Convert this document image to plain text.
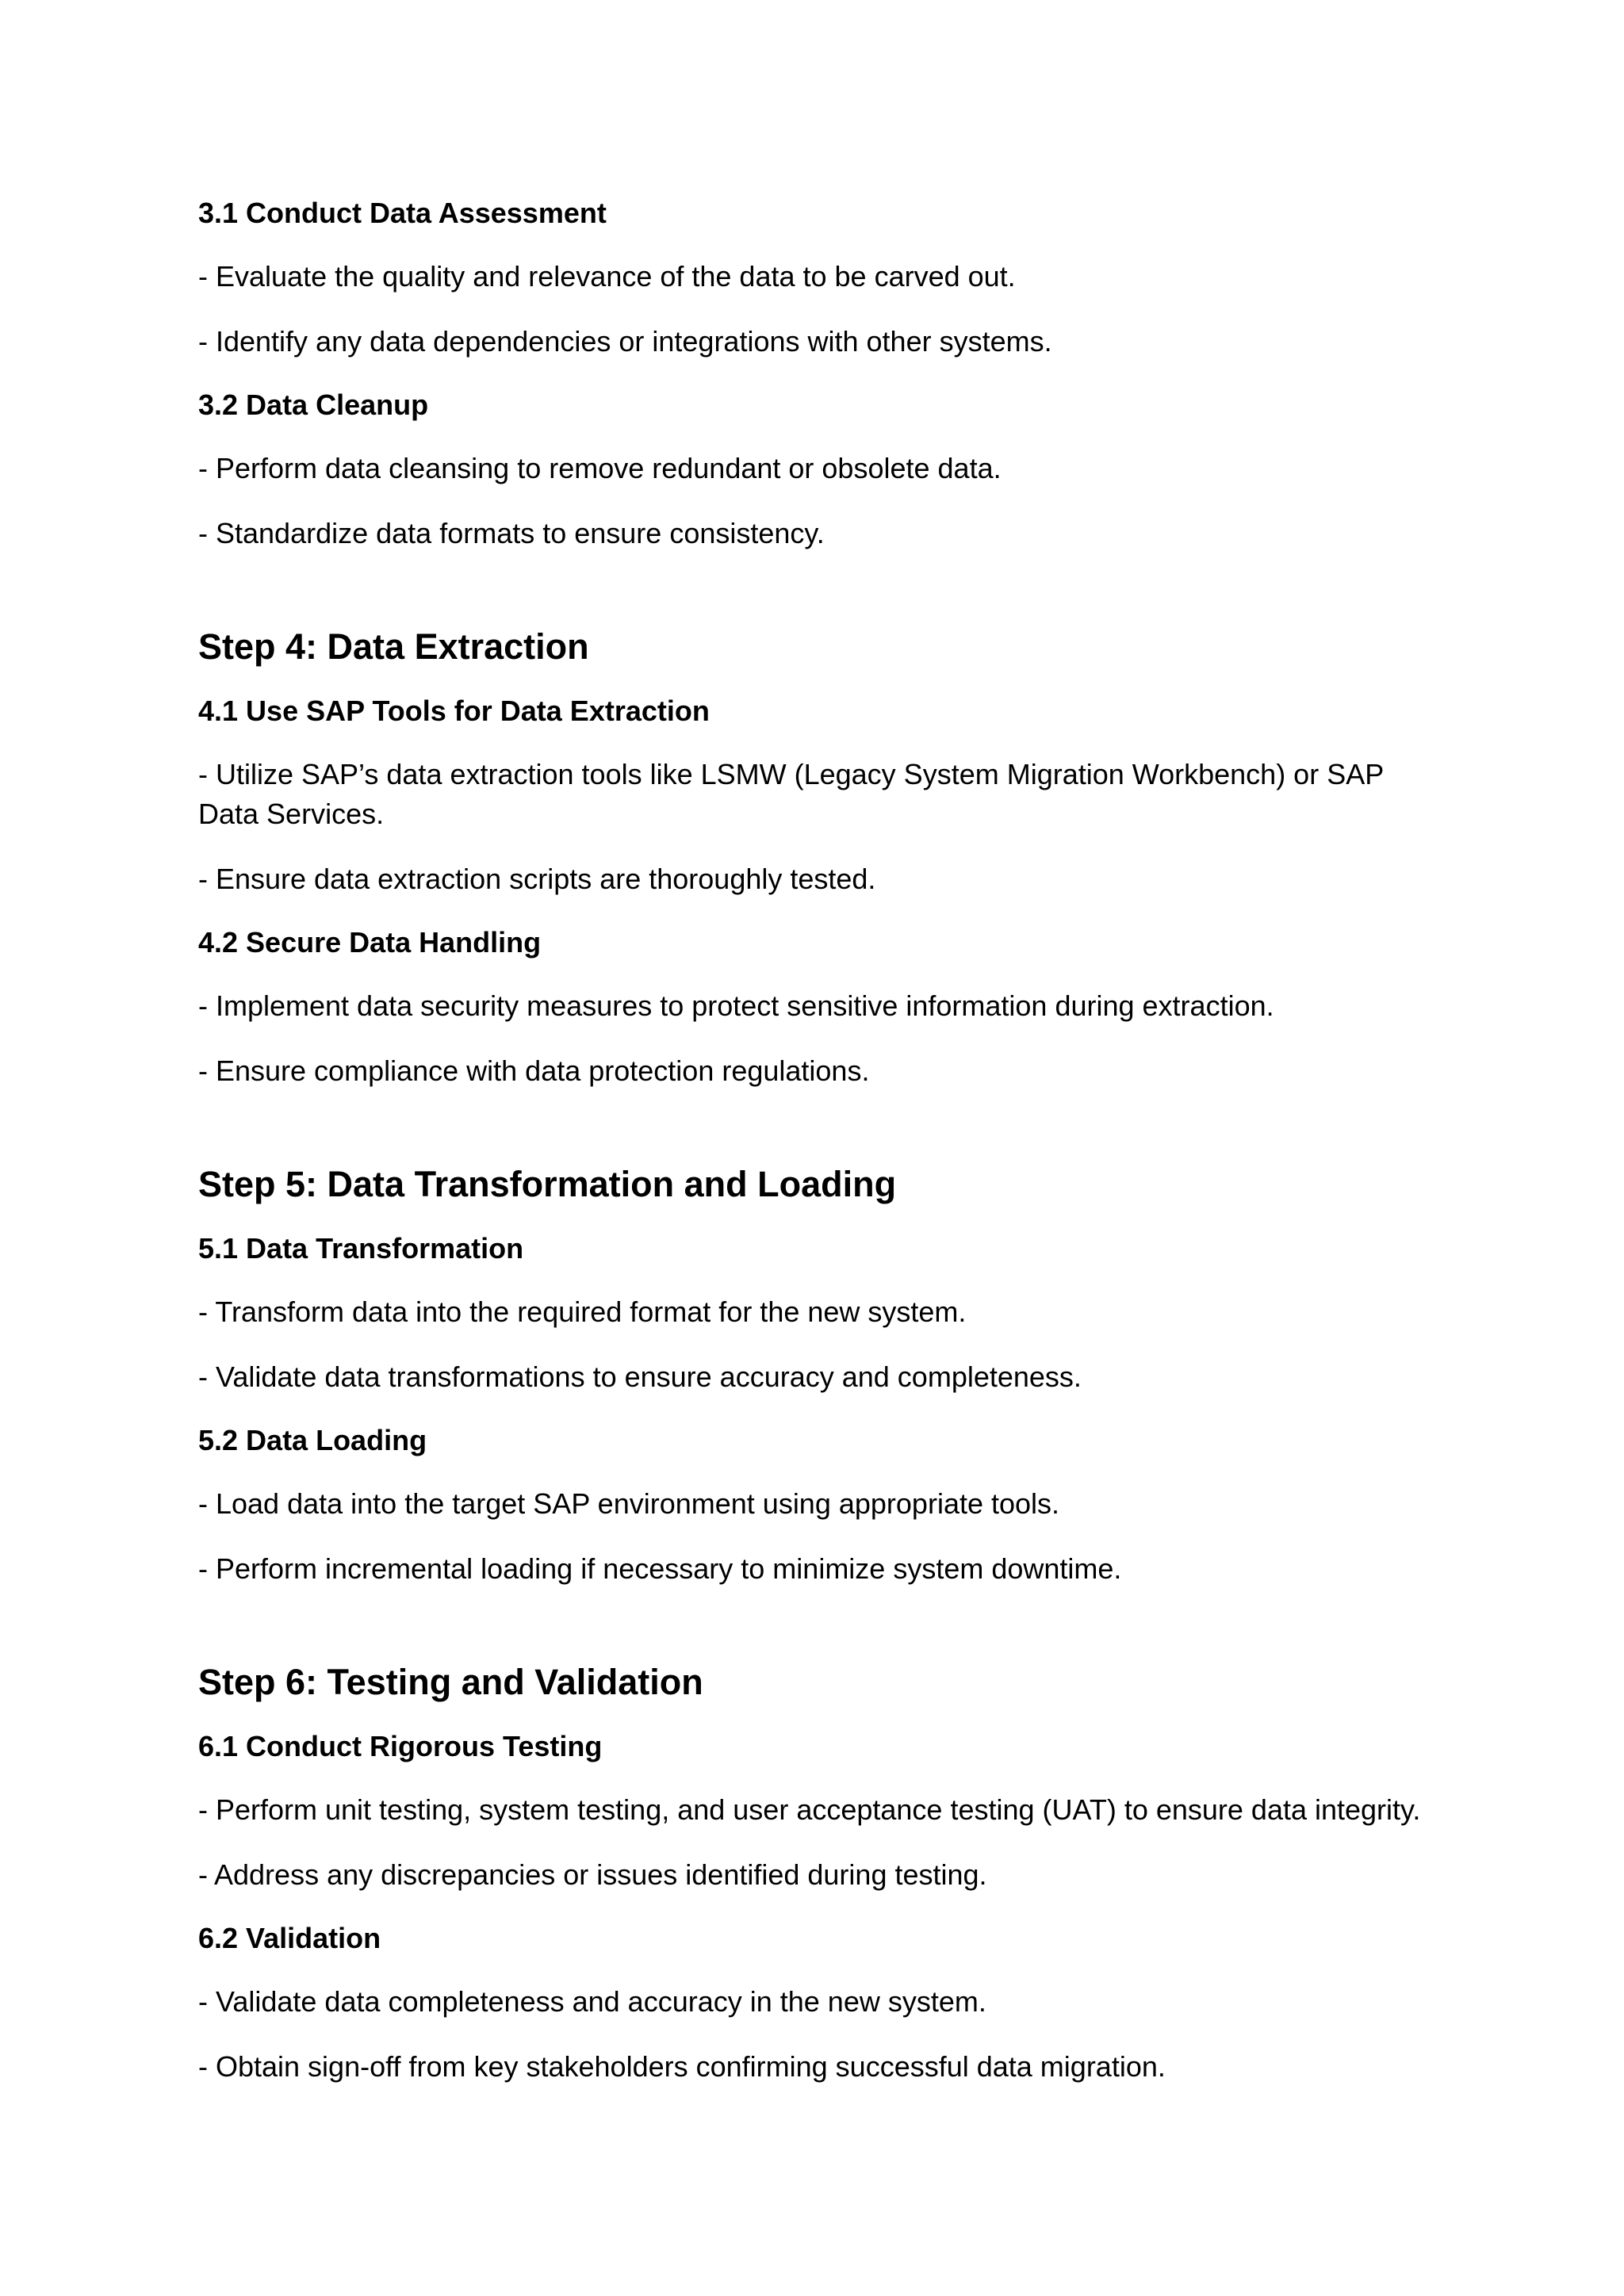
3.1 Conduct Data Assessment

- Evaluate the quality and relevance of the data to be carved out.

- Identify any data dependencies or integrations with other systems.

3.2 Data Cleanup

- Perform data cleansing to remove redundant or obsolete data.

- Standardize data formats to ensure consistency.

Step 4: Data Extraction

4.1 Use SAP Tools for Data Extraction

- Utilize SAP’s data extraction tools like LSMW (Legacy System Migration Workbench) or SAP Data Services.

- Ensure data extraction scripts are thoroughly tested.

4.2 Secure Data Handling

- Implement data security measures to protect sensitive information during extraction.

- Ensure compliance with data protection regulations.

Step 5: Data Transformation and Loading

5.1 Data Transformation

- Transform data into the required format for the new system.

- Validate data transformations to ensure accuracy and completeness.

5.2 Data Loading

- Load data into the target SAP environment using appropriate tools.

- Perform incremental loading if necessary to minimize system downtime.

Step 6: Testing and Validation

6.1 Conduct Rigorous Testing

- Perform unit testing, system testing, and user acceptance testing (UAT) to ensure data integrity.

- Address any discrepancies or issues identified during testing.

6.2 Validation

- Validate data completeness and accuracy in the new system.

- Obtain sign-off from key stakeholders confirming successful data migration.
